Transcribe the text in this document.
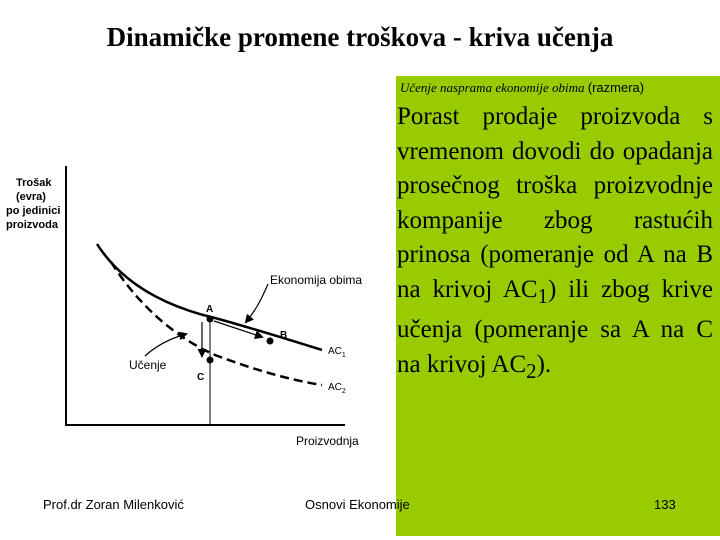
Dinamičke promene troškova - kriva učenja
Učenje nasprama ekonomije obima (razmera)
Porast prodaje proizvoda s vremenom dovodi do opadanja prosečnog troška proizvodnje kompanije zbog rastućih prinosa (pomeranje od A na B na krivoj $AC_1$) ili zbog krive učenja (pomeranje sa A na C na krivoj $AC_2$).
Trošak
(evra)
po jedinici
proizvoda
Proizvodnja
A
B
C
Ekonomija obima
Učenje
$AC_1$
$AC_2$
Prof.dr Zoran Milenković	Osnovi Ekonomije	133
